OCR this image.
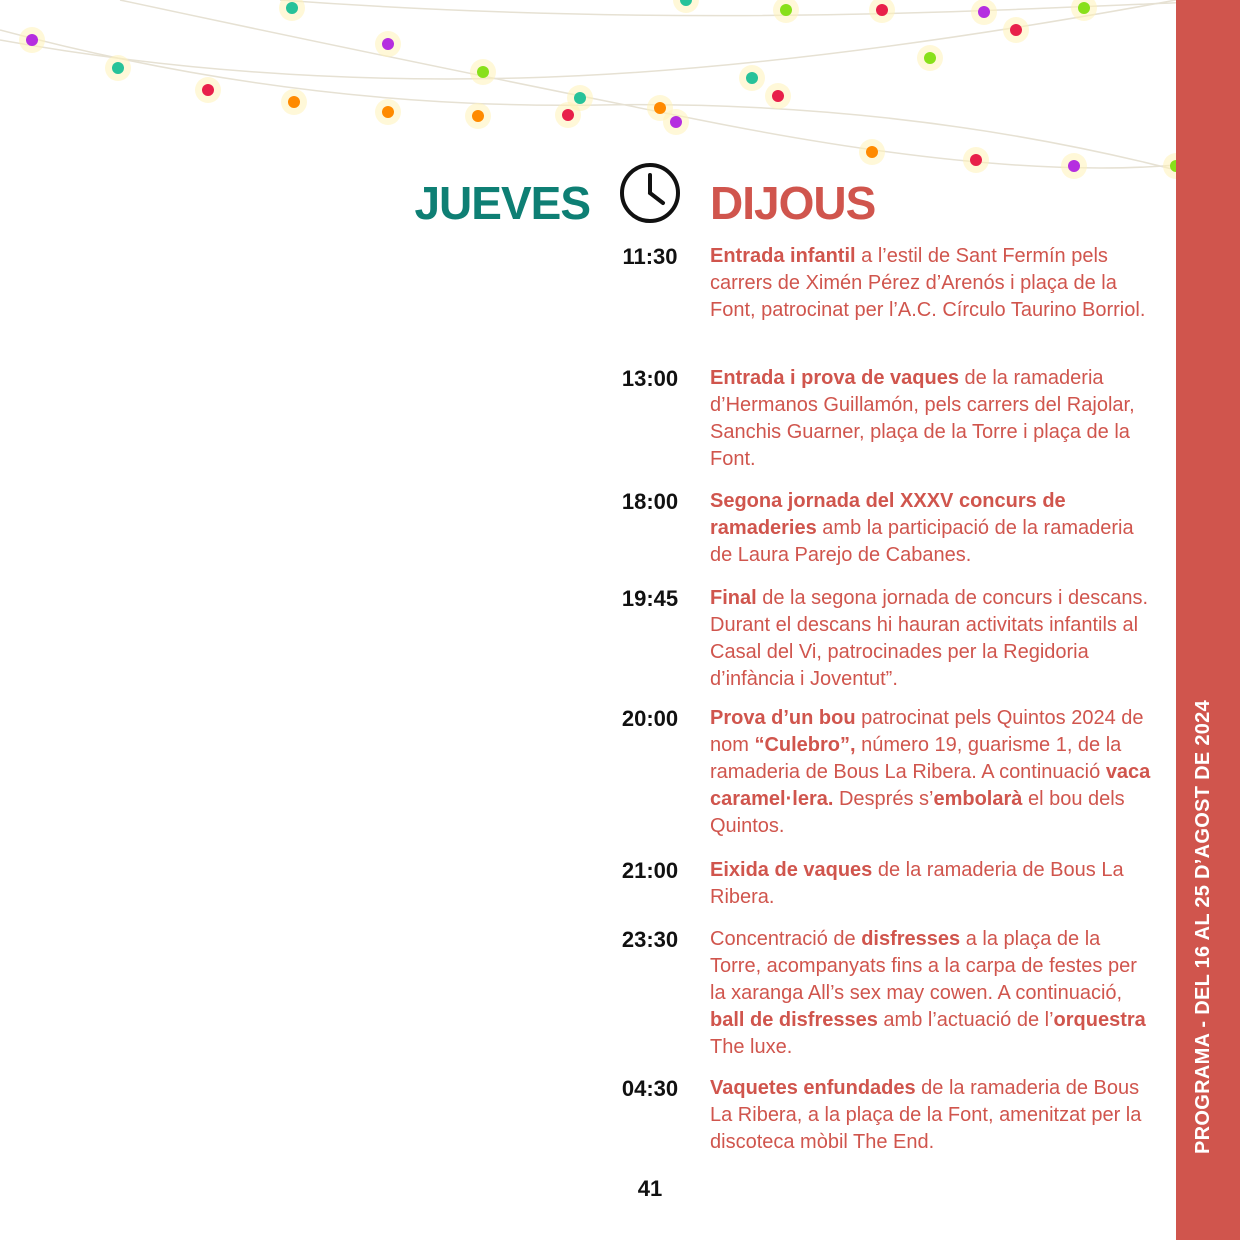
JUEVES	DIJOUS
11:30	Entrada infantil a l’estil de Sant Fermín pels carrers de Ximén Pérez d’Arenós i plaça de la Font, patrocinat per l’A.C. Círculo Taurino Borriol.
13:00	Entrada i prova de vaques de la ramaderia d’Hermanos Guillamón, pels carrers del Rajolar, Sanchis Guarner, plaça de la Torre i plaça de la Font.
18:00	Segona jornada del XXXV concurs de ramaderies amb la participació de la ramaderia de Laura Parejo de Cabanes.
19:45	Final de la segona jornada de concurs i descans. Durant el descans hi hauran activitats infantils al Casal del Vi, patrocinades per la Regidoria d’infància i Joventut”.
20:00	Prova d’un bou patrocinat pels Quintos 2024 de nom “Culebro”, número 19, guarisme 1, de la ramaderia de Bous La Ribera. A continuació vaca caramel·lera. Després s’embolarà el bou dels Quintos.
21:00	Eixida de vaques de la ramaderia de Bous La Ribera.
23:30	Concentració de disfresses a la plaça de la Torre, acompanyats fins a la carpa de festes per la xaranga All’s sex may cowen. A continuació, ball de disfresses amb l’actuació de l’orquestra The luxe.
04:30	Vaquetes enfundades de la ramaderia de Bous La Ribera, a la plaça de la Font, amenitzat per la discoteca mòbil The End.
41
PROGRAMA - DEL 16 AL 25 D’AGOST DE 2024
